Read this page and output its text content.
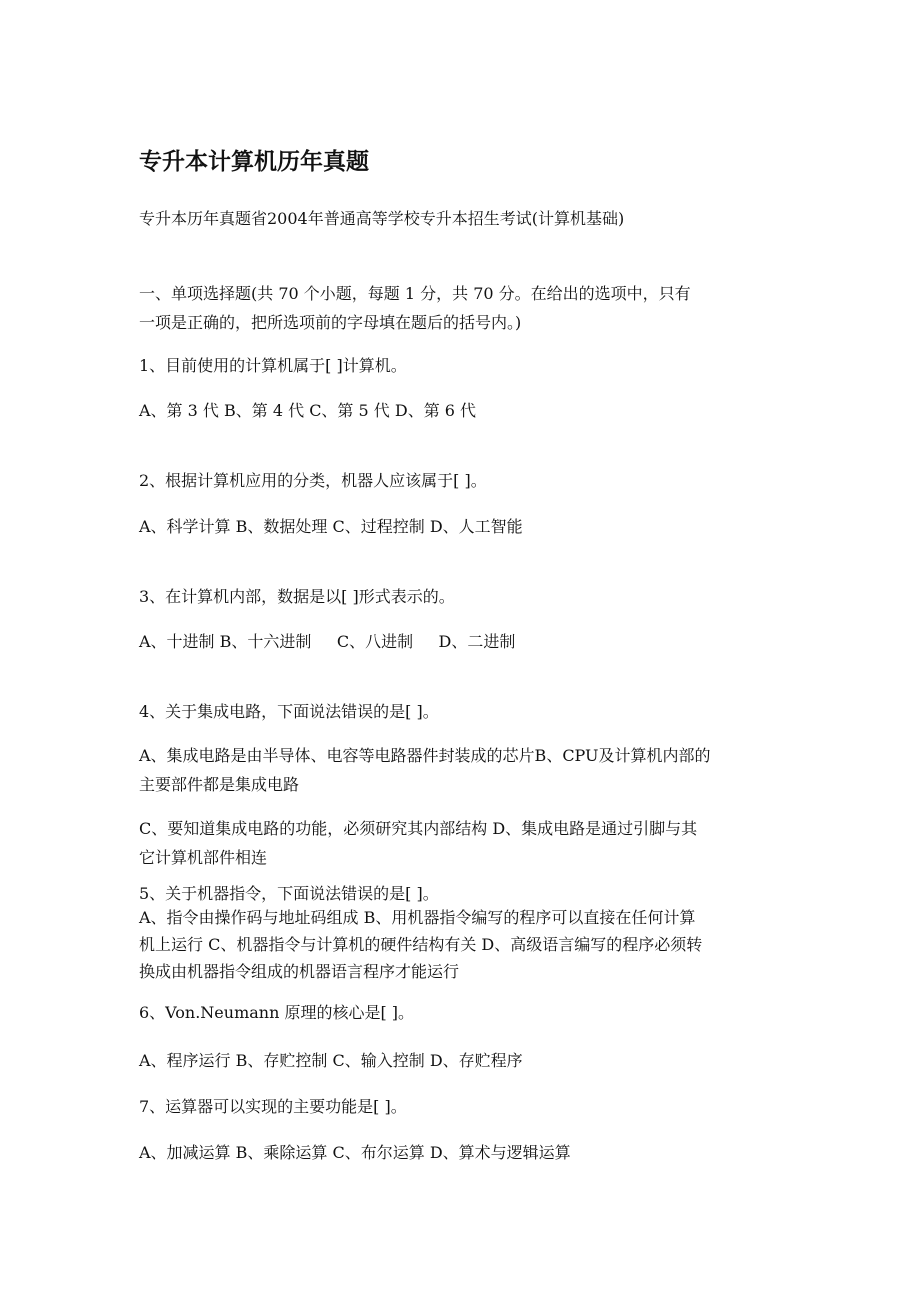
专升本计算机历年真题
专升本历年真题省2004年普通高等学校专升本招生考试(计算机基础)
一、单项选择题(共 70 个小题，每题 1 分，共 70 分。在给出的选项中，只有
一项是正确的，把所选项前的字母填在题后的括号内。)
1、目前使用的计算机属于[ ]计算机。
A、第 3 代 B、第 4 代 C、第 5 代 D、第 6 代
2、根据计算机应用的分类，机器人应该属于[ ]。
A、科学计算 B、数据处理 C、过程控制 D、人工智能
3、在计算机内部，数据是以[ ]形式表示的。
A、十进制 B、十六进制     C、八进制     D、二进制
4、关于集成电路，下面说法错误的是[ ]。
A、集成电路是由半导体、电容等电路器件封装成的芯片B、CPU及计算机内部的
主要部件都是集成电路
C、要知道集成电路的功能，必须研究其内部结构 D、集成电路是通过引脚与其
它计算机部件相连
5、关于机器指令，下面说法错误的是[ ]。
A、指令由操作码与地址码组成 B、用机器指令编写的程序可以直接在任何计算
机上运行 C、机器指令与计算机的硬件结构有关 D、高级语言编写的程序必须转
换成由机器指令组成的机器语言程序才能运行
6、Von.Neumann 原理的核心是[ ]。
A、程序运行 B、存贮控制 C、输入控制 D、存贮程序
7、运算器可以实现的主要功能是[ ]。
A、加减运算 B、乘除运算 C、布尔运算 D、算术与逻辑运算
